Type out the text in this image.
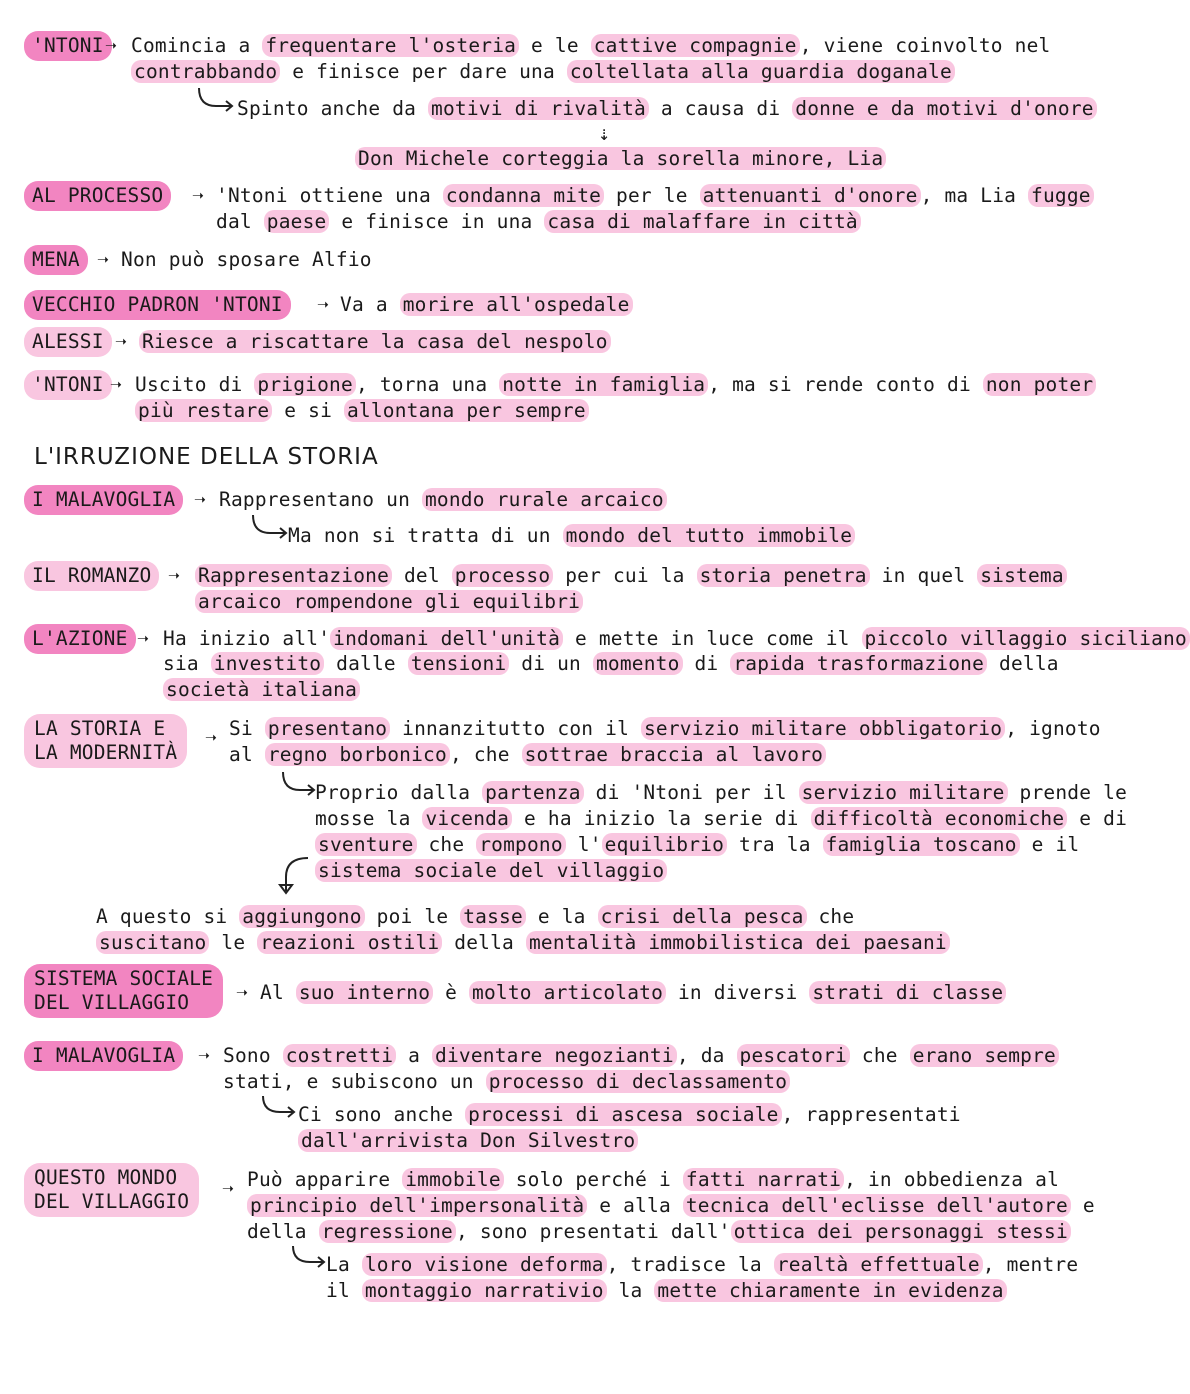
'NTONI ➝ Comincia a frequentare l'osteria e le cattive compagnie , viene coinvolto nel
contrabbando e finisce per dare una coltellata alla guardia doganale
Spinto anche da motivi di rivalità a causa di donne e da motivi d'onore
⇣
Don Michele corteggia la sorella minore, Lia
AL PROCESSO	➝ 'Ntoni ottiene una condanna mite per le attenuanti d'onore , ma Lia fugge
dal paese e finisce in una casa di malaffare in città
MENA ➝ Non può sposare Alfio
VECCHIO PADRON 'NTONI	➝ Va a morire all'ospedale
ALESSI ➝ Riesce a riscattare la casa del nespolo
'NTONI ➝ Uscito di prigione , torna una notte in famiglia , ma si rende conto di non poter
più restare e si allontana per sempre
L'IRRUZIONE DELLA STORIA
I MALAVOGLIA ➝ Rappresentano un mondo rurale arcaico
Ma non si tratta di un mondo del tutto immobile
IL ROMANZO ➝ Rappresentazione del processo per cui la storia penetra in quel sistema
arcaico rompendone gli equilibri
L'AZIONE ➝ Ha inizio all' indomani dell'unità e mette in luce come il piccolo villaggio siciliano
sia investito dalle tensioni di un momento di rapida trasformazione della
società italiana
LA STORIA E
LA MODERNITÀ
➝ Si presentano innanzitutto con il servizio militare obbligatorio , ignoto
al regno borbonico , che sottrae braccia al lavoro
Proprio dalla partenza di 'Ntoni per il servizio militare prende le
mosse la vicenda e ha inizio la serie di difficoltà economiche e di
sventure che rompono l' equilibrio tra la famiglia toscano e il
sistema sociale del villaggio
A questo si aggiungono poi le tasse e la crisi della pesca che
suscitano le reazioni ostili della mentalità immobilistica dei paesani
SISTEMA SOCIALE
DEL VILLAGGIO	➝ Al suo interno è molto articolato in diversi strati di classe
I MALAVOGLIA	➝ Sono costretti a diventare negozianti , da pescatori che erano sempre
stati, e subiscono un processo di declassamento
Ci sono anche processi di ascesa sociale , rappresentati
dall'arrivista Don Silvestro
QUESTO MONDO
DEL VILLAGGIO
➝ Può apparire immobile solo perché i fatti narrati , in obbedienza al
principio dell'impersonalità e alla tecnica dell'eclisse dell'autore e
della regressione , sono presentati dall' ottica dei personaggi stessi
La loro visione deforma , tradisce la realtà effettuale , mentre
il montaggio narrativio la mette chiaramente in evidenza
